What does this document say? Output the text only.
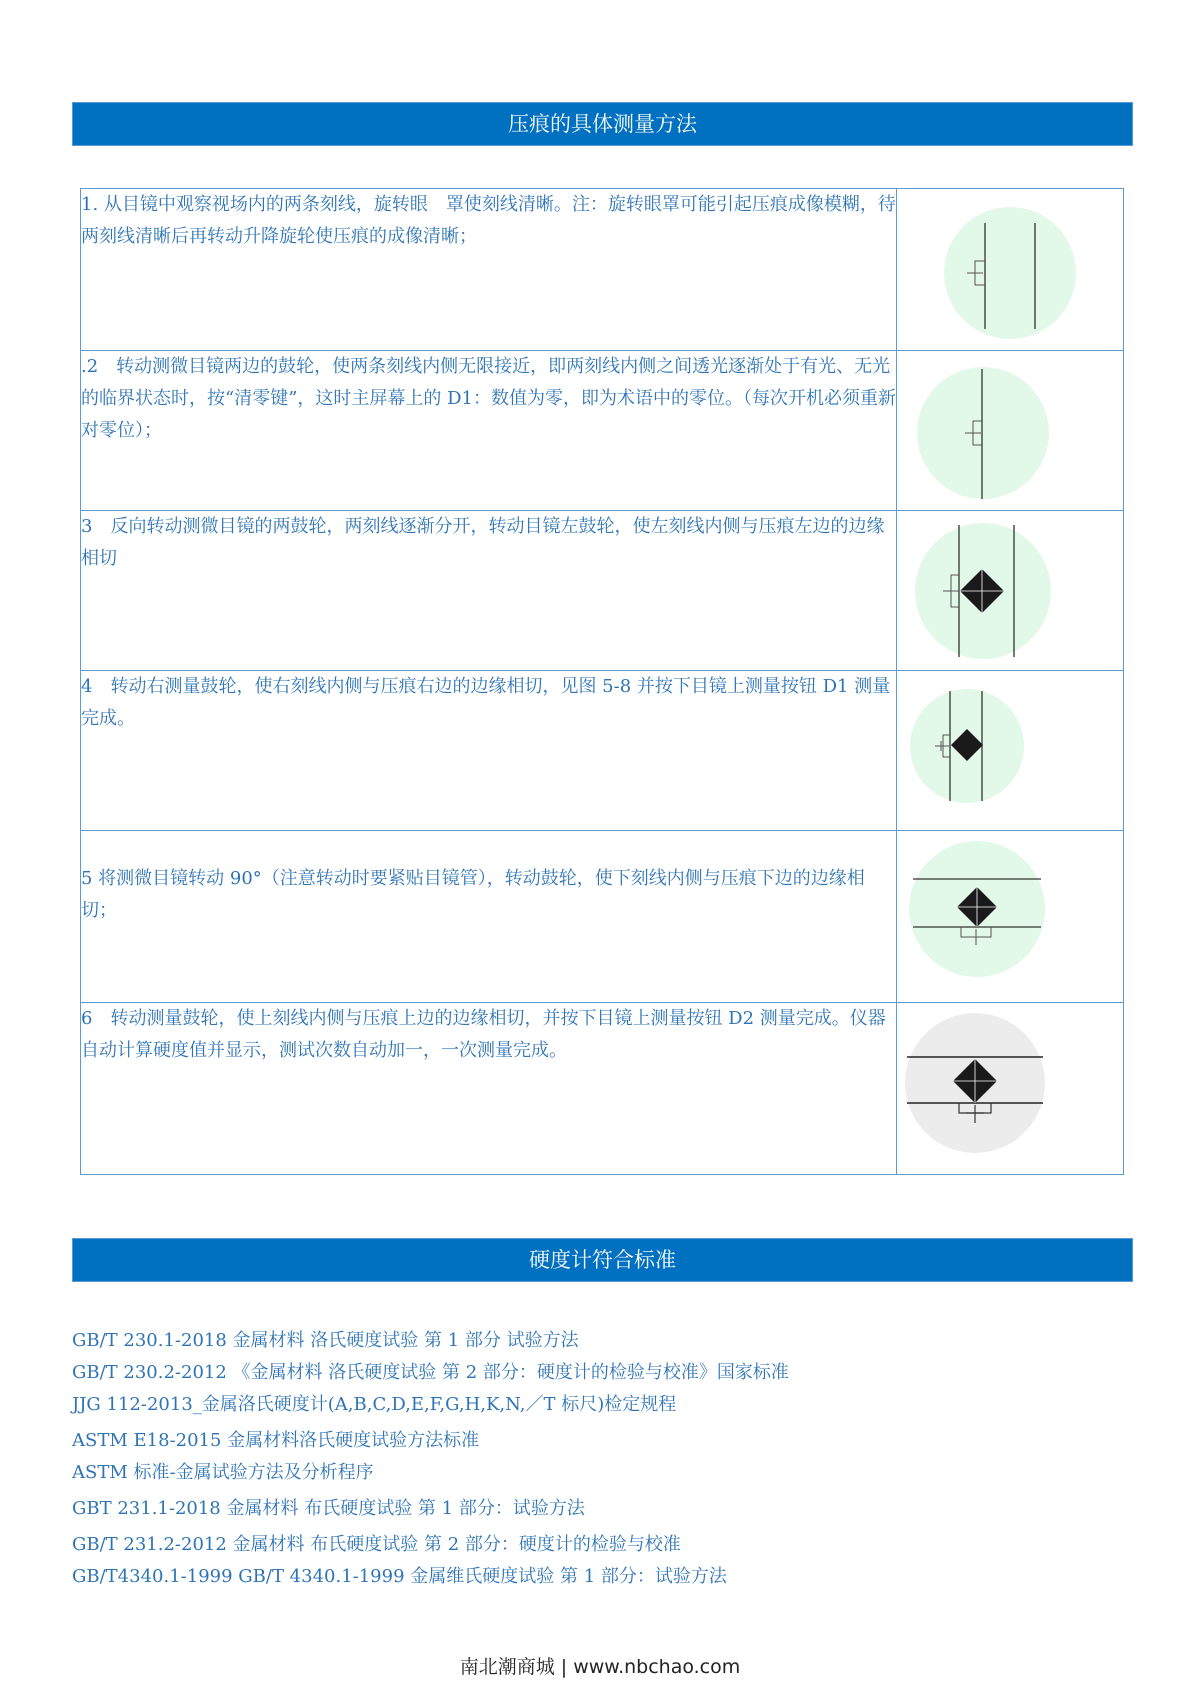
压痕的具体测量方法
1. 从目镜中观察视场内的两条刻线，旋转眼　罩使刻线清晰。注：旋转眼罩可能引起压痕成像模糊，待两刻线清晰后再转动升降旋轮使压痕的成像清晰；	

.2　转动测微目镜两边的鼓轮，使两条刻线内侧无限接近，即两刻线内侧之间透光逐渐处于有光、无光的临界状态时，按“清零键”，这时主屏幕上的 D1：数值为零，即为术语中的零位。（每次开机必须重新对零位）；	

3　反向转动测微目镜的两鼓轮，两刻线逐渐分开，转动目镜左鼓轮，使左刻线内侧与压痕左边的边缘相切	

4　转动右测量鼓轮，使右刻线内侧与压痕右边的边缘相切，见图 5-8 并按下目镜上测量按钮 D1 测量完成。	

5 将测微目镜转动 90°（注意转动时要紧贴目镜管），转动鼓轮，使下刻线内侧与压痕下边的边缘相切；	

6　转动测量鼓轮，使上刻线内侧与压痕上边的边缘相切，并按下目镜上测量按钮 D2 测量完成。仪器自动计算硬度值并显示，测试次数自动加一，一次测量完成。	
硬度计符合标准
GB/T 230.1-2018 金属材料 洛氏硬度试验 第 1 部分 试验方法
GB/T 230.2-2012 《金属材料 洛氏硬度试验 第 2 部分：硬度计的检验与校准》国家标准
JJG 112-2013_金属洛氏硬度计(A,B,C,D,E,F,G,H,K,N,／T 标尺)检定规程
ASTM E18-2015 金属材料洛氏硬度试验方法标准
ASTM 标准-金属试验方法及分析程序
GBT 231.1-2018 金属材料 布氏硬度试验 第 1 部分：试验方法
GB/T 231.2-2012 金属材料 布氏硬度试验 第 2 部分：硬度计的检验与校准
GB/T4340.1-1999 GB/T 4340.1-1999 金属维氏硬度试验 第 1 部分：试验方法
南北潮商城 | www.nbchao.com
